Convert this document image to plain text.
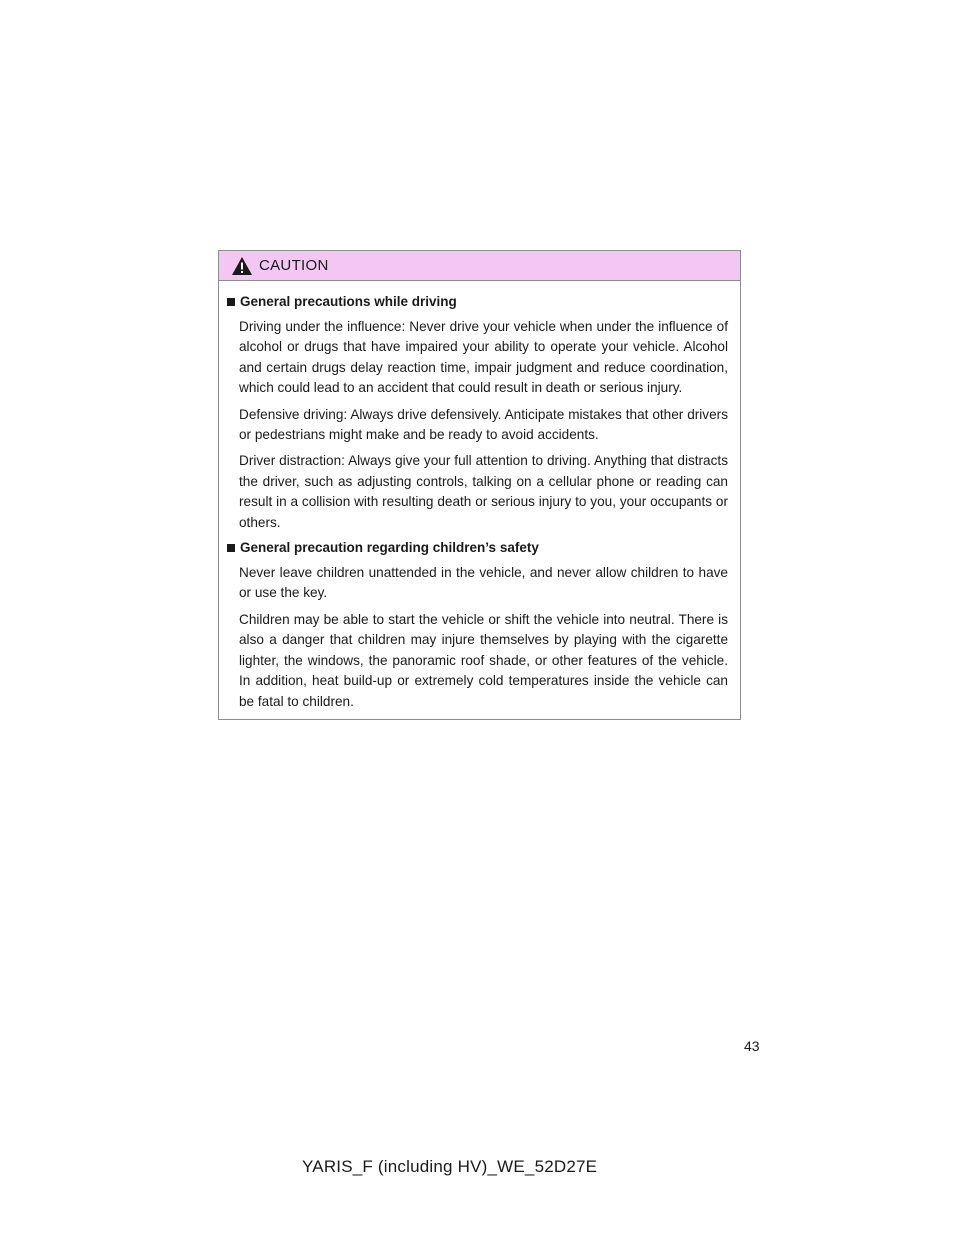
CAUTION
General precautions while driving

Driving under the influence: Never drive your vehicle when under the influence of alcohol or drugs that have impaired your ability to operate your vehicle. Alcohol and certain drugs delay reaction time, impair judgment and reduce coordination, which could lead to an accident that could result in death or serious injury.

Defensive driving: Always drive defensively. Anticipate mistakes that other drivers or pedestrians might make and be ready to avoid accidents.

Driver distraction: Always give your full attention to driving. Anything that distracts the driver, such as adjusting controls, talking on a cellular phone or reading can result in a collision with resulting death or serious injury to you, your occupants or others.

General precaution regarding children’s safety

Never leave children unattended in the vehicle, and never allow children to have or use the key.

Children may be able to start the vehicle or shift the vehicle into neutral. There is also a danger that children may injure themselves by playing with the cigarette lighter, the windows, the panoramic roof shade, or other features of the vehicle. In addition, heat build-up or extremely cold temperatures inside the vehicle can be fatal to children.

43
YARIS_F (including HV)_WE_52D27E
